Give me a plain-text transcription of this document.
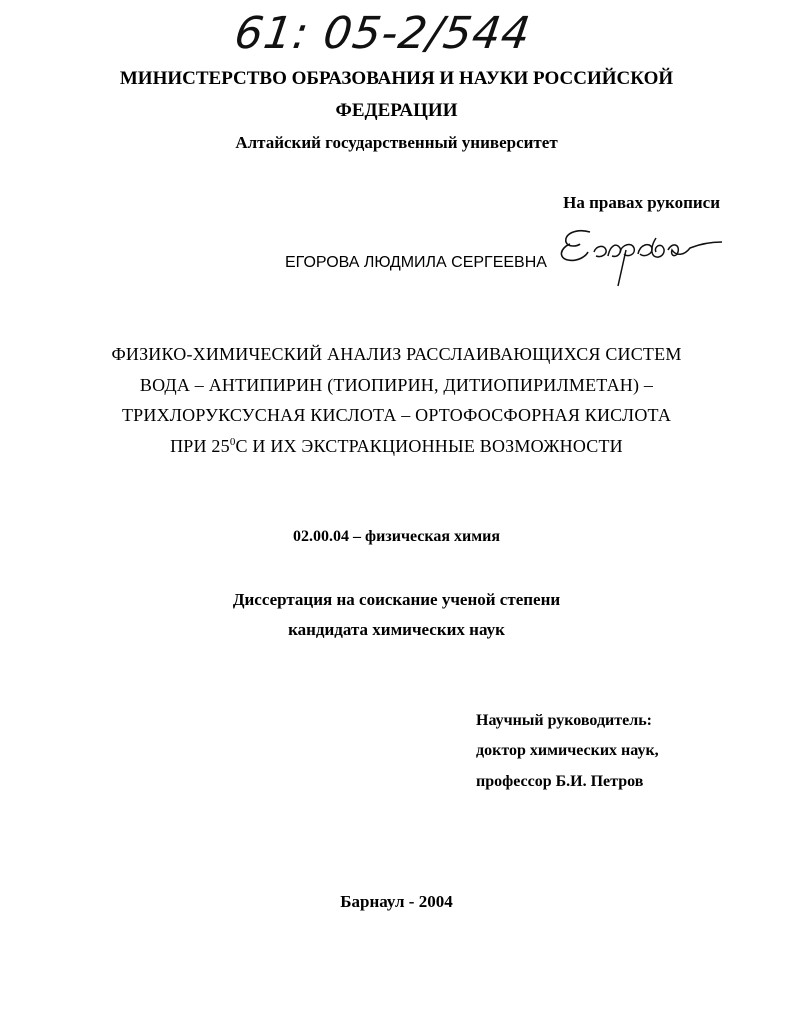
61: 05-2/544
МИНИСТЕРСТВО ОБРАЗОВАНИЯ И НАУКИ РОССИЙСКОЙ
ФЕДЕРАЦИИ
Алтайский государственный университет
На правах рукописи
ЕГОРОВА ЛЮДМИЛА СЕРГЕЕВНА
ФИЗИКО-ХИМИЧЕСКИЙ АНАЛИЗ РАССЛАИВАЮЩИХСЯ СИСТЕМ
ВОДА – АНТИПИРИН (ТИОПИРИН, ДИТИОПИРИЛМЕТАН) –
ТРИХЛОРУКСУСНАЯ КИСЛОТА – ОРТОФОСФОРНАЯ КИСЛОТА
ПРИ $25^0С$ И ИХ ЭКСТРАКЦИОННЫЕ ВОЗМОЖНОСТИ
02.00.04 – физическая химия
Диссертация на соискание ученой степени
кандидата химических наук
Научный руководитель:
доктор химических наук,
профессор Б.И. Петров
Барнаул - 2004
